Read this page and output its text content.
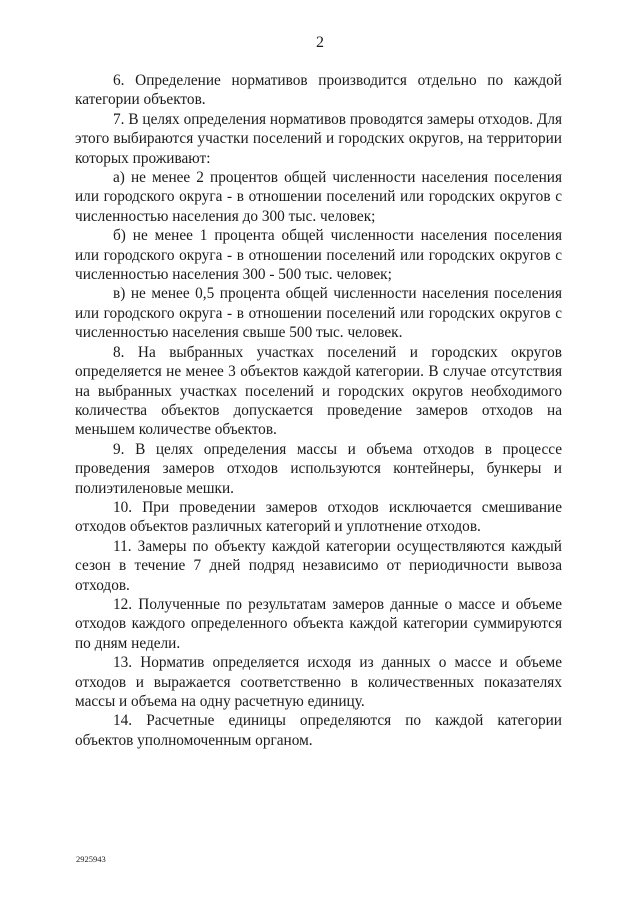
2

6. Определение нормативов производится отдельно по каждой категории объектов.

7. В целях определения нормативов проводятся замеры отходов. Для этого выбираются участки поселений и городских округов, на территории которых проживают:

а) не менее 2 процентов общей численности населения поселения или городского округа - в отношении поселений или городских округов с численностью населения до 300 тыс. человек;

б) не менее 1 процента общей численности населения поселения или городского округа - в отношении поселений или городских округов с численностью населения 300 - 500 тыс. человек;

в) не менее 0,5 процента общей численности населения поселения или городского округа - в отношении поселений или городских округов с численностью населения свыше 500 тыс. человек.

8. На выбранных участках поселений и городских округов определяется не менее 3 объектов каждой категории. В случае отсутствия на выбранных участках поселений и городских округов необходимого количества объектов допускается проведение замеров отходов на меньшем количестве объектов.

9. В целях определения массы и объема отходов в процессе проведения замеров отходов используются контейнеры, бункеры и полиэтиленовые мешки.

10. При проведении замеров отходов исключается смешивание отходов объектов различных категорий и уплотнение отходов.

11. Замеры по объекту каждой категории осуществляются каждый сезон в течение 7 дней подряд независимо от периодичности вывоза отходов.

12. Полученные по результатам замеров данные о массе и объеме отходов каждого определенного объекта каждой категории суммируются по дням недели.

13. Норматив определяется исходя из данных о массе и объеме отходов и выражается соответственно в количественных показателях массы и объема на одну расчетную единицу.

14. Расчетные единицы определяются по каждой категории объектов уполномоченным органом.

2925943
